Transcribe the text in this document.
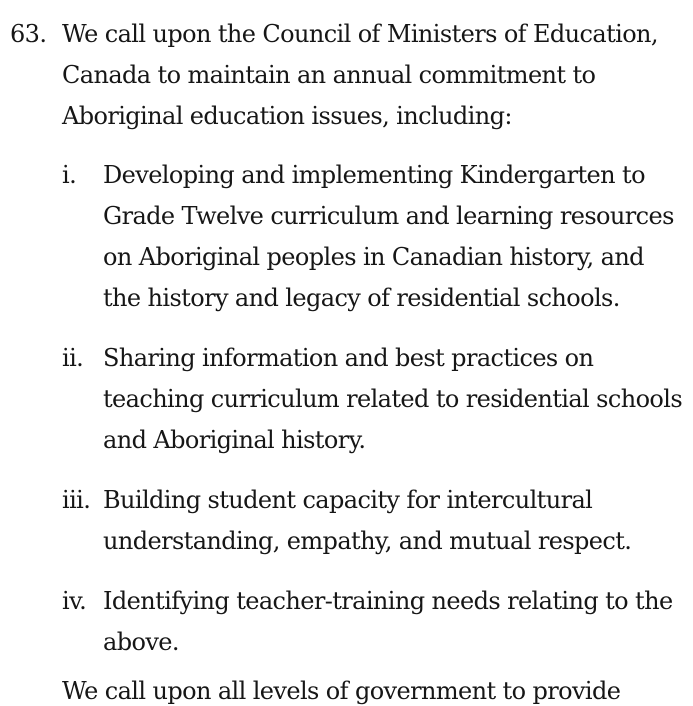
63. We call upon the Council of Ministers of Education, Canada to maintain an annual commitment to Aboriginal education issues, including:
i. Developing and implementing Kindergarten to Grade Twelve curriculum and learning resources on Aboriginal peoples in Canadian history, and the history and legacy of residential schools.
ii. Sharing information and best practices on teaching curriculum related to residential schools and Aboriginal history.
iii. Building student capacity for intercultural understanding, empathy, and mutual respect.
iv. Identifying teacher-training needs relating to the above.
We call upon all levels of government to provide
